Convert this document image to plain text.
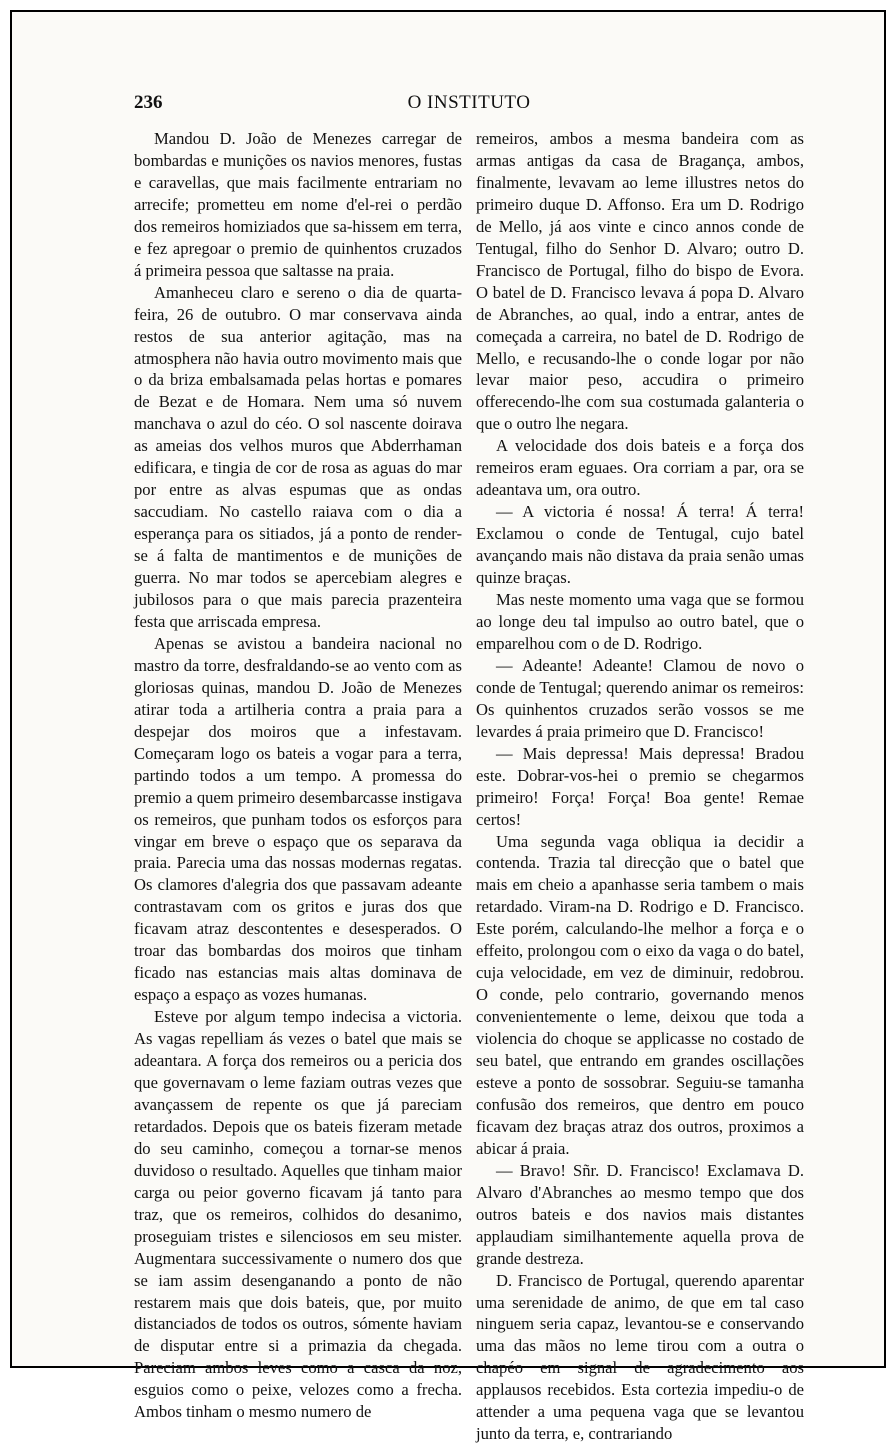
236	O INSTITUTO

Mandou D. João de Menezes carregar de bombardas e munições os navios menores, fustas e caravellas, que mais facilmente entrariam no arrecife; prometteu em nome d'el-rei o perdão dos remeiros homiziados que sa-hissem em terra, e fez apregoar o premio de quinhentos cruzados á primeira pessoa que saltasse na praia.

Amanheceu claro e sereno o dia de quarta-feira, 26 de outubro. O mar conservava ainda restos de sua anterior agitação, mas na atmosphera não havia outro movimento mais que o da briza embalsamada pelas hortas e pomares de Bezat e de Homara. Nem uma só nuvem manchava o azul do céo. O sol nascente doirava as ameias dos velhos muros que Abderrhaman edificara, e tingia de cor de rosa as aguas do mar por entre as alvas espumas que as ondas saccudiam. No castello raiava com o dia a esperança para os sitiados, já a ponto de render-se á falta de mantimentos e de munições de guerra. No mar todos se apercebiam alegres e jubilosos para o que mais parecia prazenteira festa que arriscada empresa.

Apenas se avistou a bandeira nacional no mastro da torre, desfraldando-se ao vento com as gloriosas quinas, mandou D. João de Menezes atirar toda a artilheria contra a praia para a despejar dos moiros que a infestavam. Começaram logo os bateis a vogar para a terra, partindo todos a um tempo. A promessa do premio a quem primeiro desembarcasse instigava os remeiros, que punham todos os esforços para vingar em breve o espaço que os separava da praia. Parecia uma das nossas modernas regatas. Os clamores d'alegria dos que passavam adeante contrastavam com os gritos e juras dos que ficavam atraz descontentes e desesperados. O troar das bombardas dos moiros que tinham ficado nas estancias mais altas dominava de espaço a espaço as vozes humanas.

Esteve por algum tempo indecisa a victoria. As vagas repelliam ás vezes o batel que mais se adeantara. A força dos remeiros ou a pericia dos que governavam o leme faziam outras vezes que avançassem de repente os que já pareciam retardados. Depois que os bateis fizeram metade do seu caminho, começou a tornar-se menos duvidoso o resultado. Aquelles que tinham maior carga ou peior governo ficavam já tanto para traz, que os remeiros, colhidos do desanimo, proseguiam tristes e silenciosos em seu mister. Augmentara successivamente o numero dos que se iam assim desenganando a ponto de não restarem mais que dois bateis, que, por muito distanciados de todos os outros, sómente haviam de disputar entre si a primazia da chegada. Pareciam ambos leves como a casca da noz, esguios como o peixe, velozes como a frecha. Ambos tinham o mesmo numero de

remeiros, ambos a mesma bandeira com as armas antigas da casa de Bragança, ambos, finalmente, levavam ao leme illustres netos do primeiro duque D. Affonso. Era um D. Rodrigo de Mello, já aos vinte e cinco annos conde de Tentugal, filho do Senhor D. Alvaro; outro D. Francisco de Portugal, filho do bispo de Evora. O batel de D. Francisco levava á popa D. Alvaro de Abranches, ao qual, indo a entrar, antes de começada a carreira, no batel de D. Rodrigo de Mello, e recusando-lhe o conde logar por não levar maior peso, accudira o primeiro offerecendo-lhe com sua costumada galanteria o que o outro lhe negara.

A velocidade dos dois bateis e a força dos remeiros eram eguaes. Ora corriam a par, ora se adeantava um, ora outro.

— A victoria é nossa! Á terra! Á terra! Exclamou o conde de Tentugal, cujo batel avançando mais não distava da praia senão umas quinze braças.

Mas neste momento uma vaga que se formou ao longe deu tal impulso ao outro batel, que o emparelhou com o de D. Rodrigo.

— Adeante! Adeante! Clamou de novo o conde de Tentugal; querendo animar os remeiros: Os quinhentos cruzados serão vossos se me levardes á praia primeiro que D. Francisco!

— Mais depressa! Mais depressa! Bradou este. Dobrar-vos-hei o premio se chegarmos primeiro! Força! Força! Boa gente! Remae certos!

Uma segunda vaga obliqua ia decidir a contenda. Trazia tal direcção que o batel que mais em cheio a apanhasse seria tambem o mais retardado. Viram-na D. Rodrigo e D. Francisco. Este porém, calculando-lhe melhor a força e o effeito, prolongou com o eixo da vaga o do batel, cuja velocidade, em vez de diminuir, redobrou. O conde, pelo contrario, governando menos convenientemente o leme, deixou que toda a violencia do choque se applicasse no costado de seu batel, que entrando em grandes oscillações esteve a ponto de sossobrar. Seguiu-se tamanha confusão dos remeiros, que dentro em pouco ficavam dez braças atraz dos outros, proximos a abicar á praia.

— Bravo! Sñr. D. Francisco! Exclamava D. Alvaro d'Abranches ao mesmo tempo que dos outros bateis e dos navios mais distantes applaudiam similhantemente aquella prova de grande destreza.

D. Francisco de Portugal, querendo aparentar uma serenidade de animo, de que em tal caso ninguem seria capaz, levantou-se e conservando uma das mãos no leme tirou com a outra o chapéo em signal de agradecimento aos applausos recebidos. Esta cortezia impediu-o de attender a uma pequena vaga que se levantou junto da terra, e, contrariando
